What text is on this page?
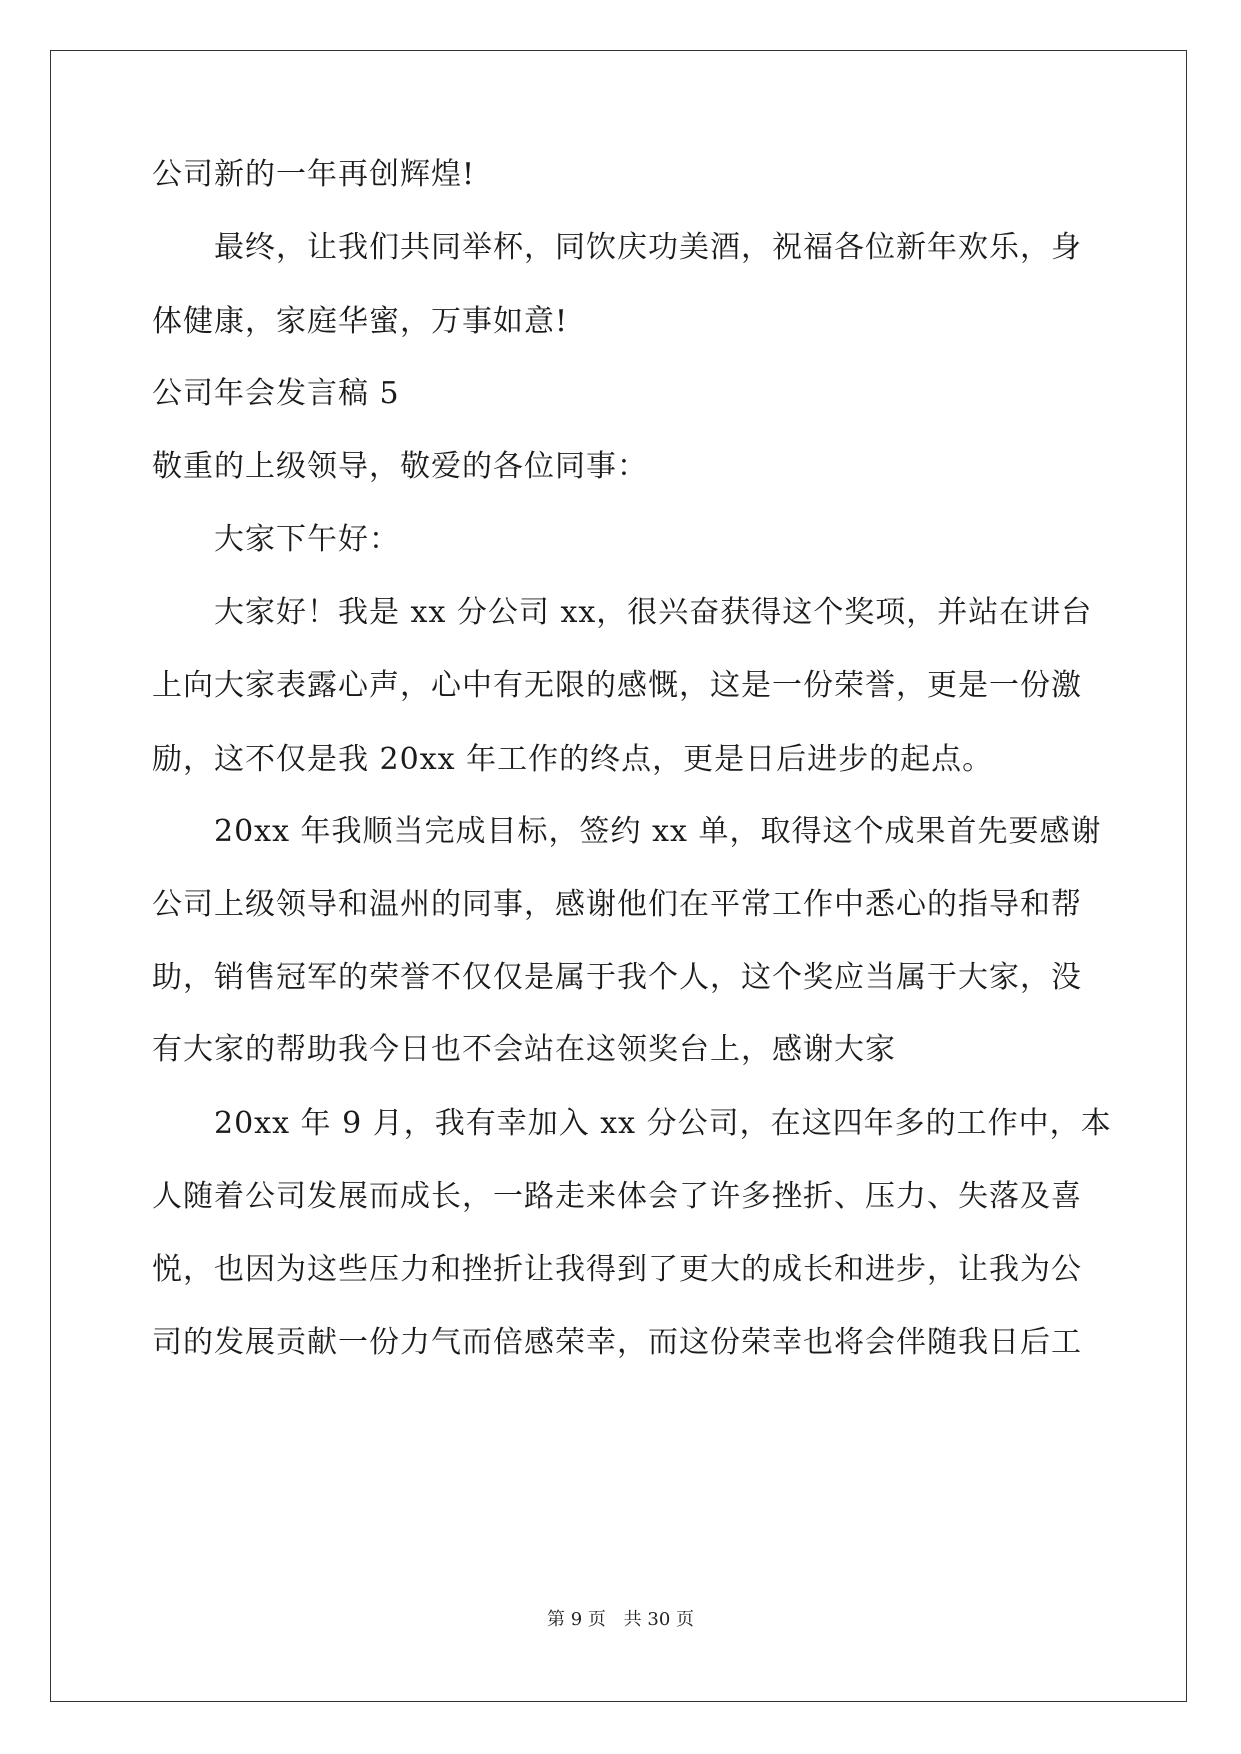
公司新的一年再创辉煌!
最终，让我们共同举杯，同饮庆功美酒，祝福各位新年欢乐，身
体健康，家庭华蜜，万事如意!
公司年会发言稿 5
敬重的上级领导，敬爱的各位同事：
大家下午好：
大家好！我是 xx 分公司 xx，很兴奋获得这个奖项，并站在讲台
上向大家表露心声，心中有无限的感慨，这是一份荣誉，更是一份激
励，这不仅是我 20xx 年工作的终点，更是日后进步的起点。
20xx 年我顺当完成目标，签约 xx 单，取得这个成果首先要感谢
公司上级领导和温州的同事，感谢他们在平常工作中悉心的指导和帮
助，销售冠军的荣誉不仅仅是属于我个人，这个奖应当属于大家，没
有大家的帮助我今日也不会站在这领奖台上，感谢大家
20xx 年 9 月，我有幸加入 xx 分公司，在这四年多的工作中，本
人随着公司发展而成长，一路走来体会了许多挫折、压力、失落及喜
悦，也因为这些压力和挫折让我得到了更大的成长和进步，让我为公
司的发展贡献一份力气而倍感荣幸，而这份荣幸也将会伴随我日后工
第 9 页 共 30 页
